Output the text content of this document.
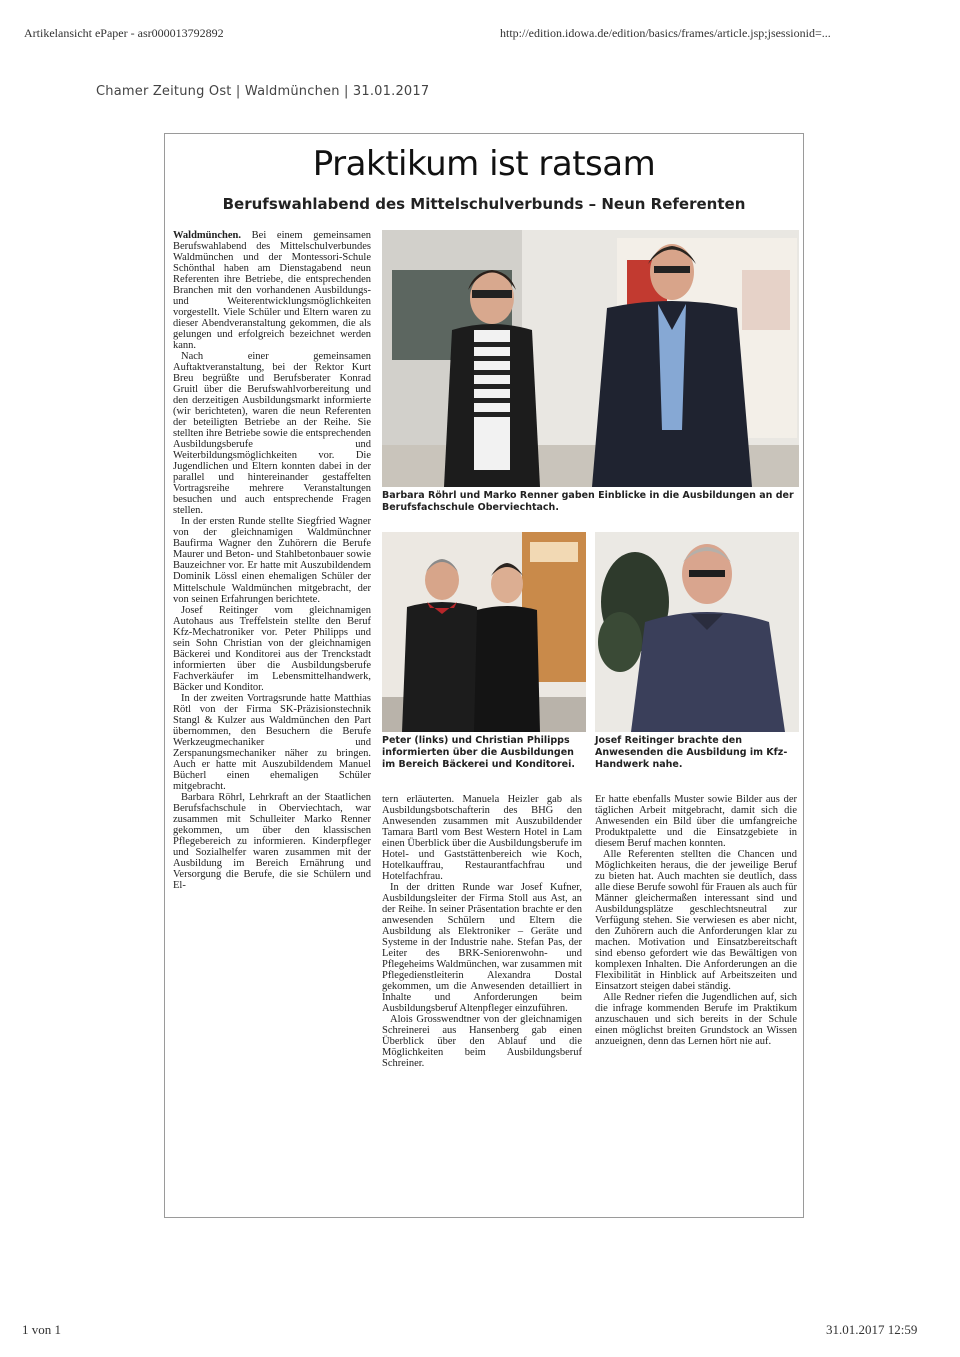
Artikelansicht ePaper - asr000013792892	http://edition.idowa.de/edition/basics/frames/article.jsp;jsessionid=...
Chamer Zeitung Ost | Waldmünchen | 31.01.2017
Praktikum ist ratsam
Berufswahlabend des Mittelschulverbunds – Neun Referenten

Waldmünchen. Bei einem gemeinsamen Berufswahlabend des Mittelschulverbundes Waldmünchen und der Montessori-Schule Schönthal haben am Dienstagabend neun Referenten ihre Betriebe, die entsprechenden Branchen mit den vorhandenen Ausbildungs- und Weiterentwicklungsmöglichkeiten vorgestellt. Viele Schüler und Eltern waren zu dieser Abendveranstaltung gekommen, die als gelungen und erfolgreich bezeichnet werden kann.

Nach einer gemeinsamen Auftaktveranstaltung, bei der Rektor Kurt Breu begrüßte und Berufsberater Konrad Gruitl über die Berufswahlvorbereitung und den derzeitigen Ausbildungsmarkt informierte (wir berichteten), waren die neun Referenten der beteiligten Betriebe an der Reihe. Sie stellten ihre Betriebe sowie die entsprechenden Ausbildungsberufe und Weiterbildungsmöglichkeiten vor. Die Jugendlichen und Eltern konnten dabei in der parallel und hintereinander gestaffelten Vortragsreihe mehrere Veranstaltungen besuchen und auch entsprechende Fragen stellen.

In der ersten Runde stellte Siegfried Wagner von der gleichnamigen Waldmünchner Baufirma Wagner den Zuhörern die Berufe Maurer und Beton- und Stahlbetonbauer sowie Bauzeichner vor. Er hatte mit Auszubildendem Dominik Lössl einen ehemaligen Schüler der Mittelschule Waldmünchen mitgebracht, der von seinen Erfahrungen berichtete.

Josef Reitinger vom gleichnamigen Autohaus aus Treffelstein stellte den Beruf Kfz-Mechatroniker vor. Peter Philipps und sein Sohn Christian von der gleichnamigen Bäckerei und Konditorei aus der Trenckstadt informierten über die Ausbildungsberufe Fachverkäufer im Lebensmittelhandwerk, Bäcker und Konditor.

In der zweiten Vortragsrunde hatte Matthias Rötl von der Firma SK-Präzisionstechnik Stangl & Kulzer aus Waldmünchen den Part übernommen, den Besuchern die Berufe Werkzeugmechaniker und Zerspanungsmechaniker näher zu bringen. Auch er hatte mit Auszubildendem Manuel Bücherl einen ehemaligen Schüler mitgebracht.

Barbara Röhrl, Lehrkraft an der Staatlichen Berufsfachschule in Oberviechtach, war zusammen mit Schulleiter Marko Renner gekommen, um über den klassischen Pflegebereich zu informieren. Kinderpfleger und Sozialhelfer waren zusammen mit der Ausbildung im Bereich Ernährung und Versorgung die Berufe, die sie Schülern und El-

Barbara Röhrl und Marko Renner gaben Einblicke in die Ausbildungen an der Berufsfachschule Oberviechtach.
Peter (links) und Christian Philipps informierten über die Ausbildungen im Bereich Bäckerei und Konditorei.
Josef Reitinger brachte den Anwesenden die Ausbildung im Kfz-Handwerk nahe.

tern erläuterten. Manuela Heizler gab als Ausbildungsbotschafterin des BHG den Anwesenden zusammen mit Auszubildender Tamara Bartl vom Best Western Hotel in Lam einen Überblick über die Ausbildungsberufe im Hotel- und Gaststättenbereich wie Koch, Hotelkauffrau, Restaurantfachfrau und Hotelfachfrau.

In der dritten Runde war Josef Kufner, Ausbildungsleiter der Firma Stoll aus Ast, an der Reihe. In seiner Präsentation brachte er den anwesenden Schülern und Eltern die Ausbildung als Elektroniker – Geräte und Systeme in der Industrie nahe. Stefan Pas, der Leiter des BRK-Seniorenwohn- und Pflegeheims Waldmünchen, war zusammen mit Pflegedienstleiterin Alexandra Dostal gekommen, um die Anwesenden detailliert in Inhalte und Anforderungen beim Ausbildungsberuf Altenpfleger einzuführen.

Alois Grosswendtner von der gleichnamigen Schreinerei aus Hansenberg gab einen Überblick über den Ablauf und die Möglichkeiten beim Ausbildungsberuf Schreiner.

Er hatte ebenfalls Muster sowie Bilder aus der täglichen Arbeit mitgebracht, damit sich die Anwesenden ein Bild über die umfangreiche Produktpalette und die Einsatzgebiete in diesem Beruf machen konnten.

Alle Referenten stellten die Chancen und Möglichkeiten heraus, die der jeweilige Beruf zu bieten hat. Auch machten sie deutlich, dass alle diese Berufe sowohl für Frauen als auch für Männer gleichermaßen interessant sind und Ausbildungsplätze geschlechtsneutral zur Verfügung stehen. Sie verwiesen es aber nicht, den Zuhörern auch die Anforderungen klar zu machen. Motivation und Einsatzbereitschaft sind ebenso gefordert wie das Bewältigen von komplexen Inhalten. Die Anforderungen an die Flexibilität in Hinblick auf Arbeitszeiten und Einsatzort steigen dabei ständig.

Alle Redner riefen die Jugendlichen auf, sich die infrage kommenden Berufe im Praktikum anzuschauen und sich bereits in der Schule einen möglichst breiten Grundstock an Wissen anzueignen, denn das Lernen hört nie auf.

1 von 1	31.01.2017 12:59
